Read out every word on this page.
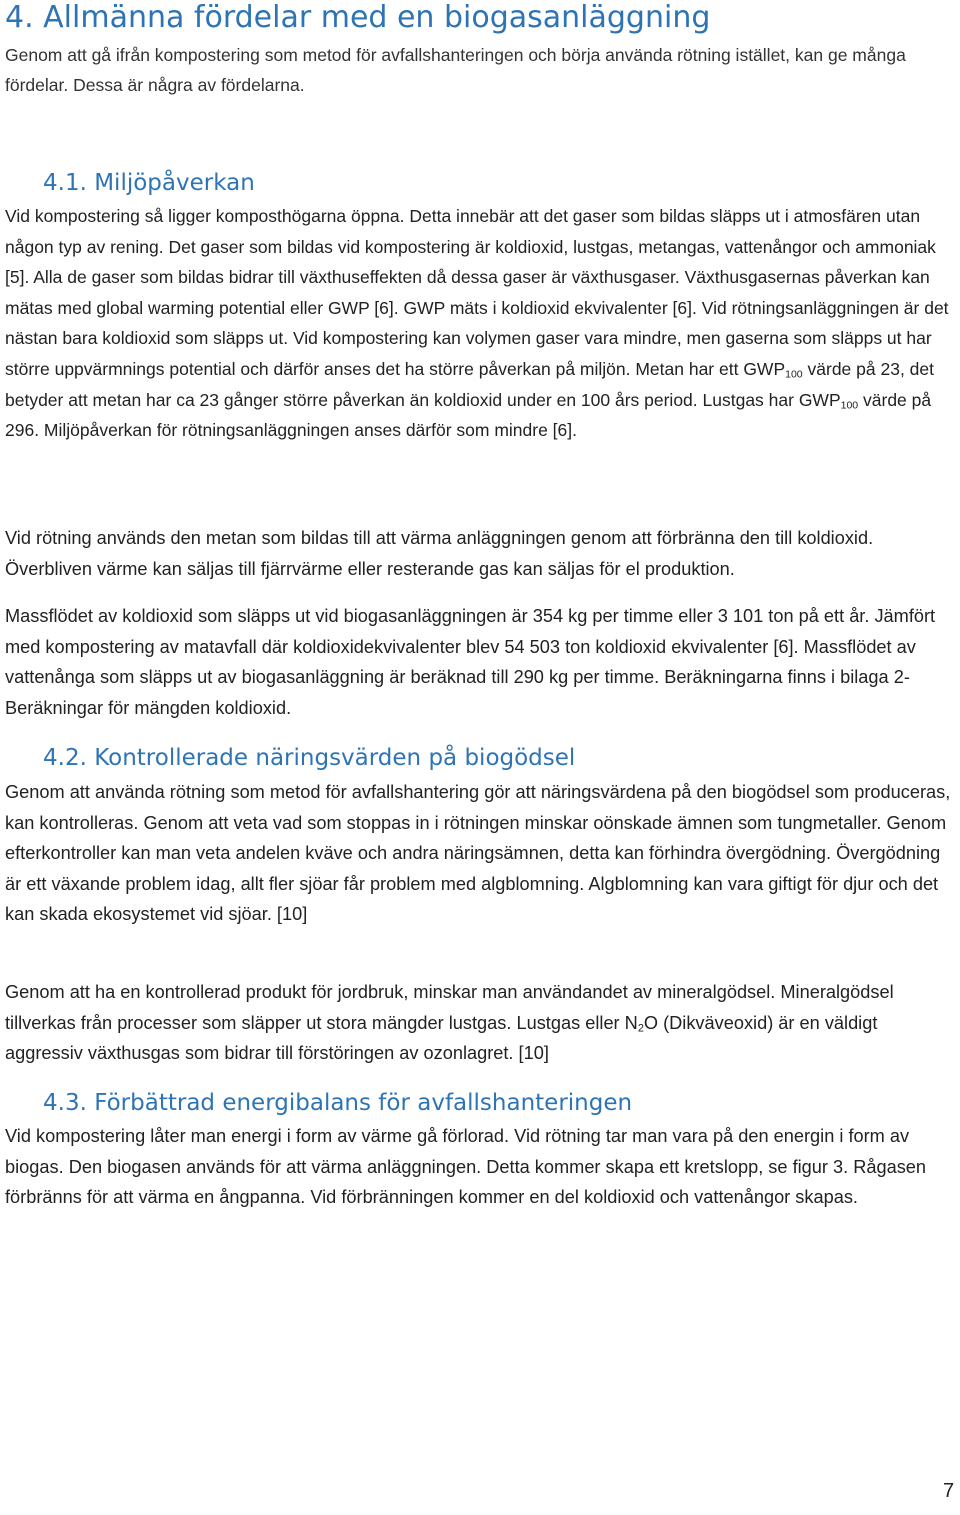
4. Allmänna fördelar med en biogasanläggning

Genom att gå ifrån kompostering som metod för avfallshanteringen och börja använda rötning istället, kan ge många fördelar. Dessa är några av fördelarna.

4.1. Miljöpåverkan

Vid kompostering så ligger komposthögarna öppna. Detta innebär att det gaser som bildas släpps ut i atmosfären utan någon typ av rening. Det gaser som bildas vid kompostering är koldioxid, lustgas, metangas, vattenångor och ammoniak [5]. Alla de gaser som bildas bidrar till växthuseffekten då dessa gaser är växthusgaser. Växthusgasernas påverkan kan mätas med global warming potential eller GWP [6]. GWP mäts i koldioxid ekvivalenter [6]. Vid rötningsanläggningen är det nästan bara koldioxid som släpps ut. Vid kompostering kan volymen gaser vara mindre, men gaserna som släpps ut har större uppvärmnings potential och därför anses det ha större påverkan på miljön. Metan har ett $GWP_{100}$ värde på 23, det betyder att metan har ca 23 gånger större påverkan än koldioxid under en 100 års period. Lustgas har $GWP_{100}$ värde på 296. Miljöpåverkan för rötningsanläggningen anses därför som mindre [6].

Vid rötning används den metan som bildas till att värma anläggningen genom att förbränna den till koldioxid. Överbliven värme kan säljas till fjärrvärme eller resterande gas kan säljas för el produktion.

Massflödet av koldioxid som släpps ut vid biogasanläggningen är 354 kg per timme eller 3 101 ton på ett år. Jämfört med kompostering av matavfall där koldioxidekvivalenter blev 54 503 ton koldioxid ekvivalenter [6]. Massflödet av vattenånga som släpps ut av biogasanläggning är beräknad till 290 kg per timme. Beräkningarna finns i bilaga 2- Beräkningar för mängden koldioxid.

4.2. Kontrollerade näringsvärden på biogödsel

Genom att använda rötning som metod för avfallshantering gör att näringsvärdena på den biogödsel som produceras, kan kontrolleras. Genom att veta vad som stoppas in i rötningen minskar oönskade ämnen som tungmetaller. Genom efterkontroller kan man veta andelen kväve och andra näringsämnen, detta kan förhindra övergödning. Övergödning är ett växande problem idag, allt fler sjöar får problem med algblomning. Algblomning kan vara giftigt för djur och det kan skada ekosystemet vid sjöar. [10]

Genom att ha en kontrollerad produkt för jordbruk, minskar man användandet av mineralgödsel. Mineralgödsel tillverkas från processer som släpper ut stora mängder lustgas. Lustgas eller $N_2O$ (Dikväveoxid) är en väldigt aggressiv växthusgas som bidrar till förstöringen av ozonlagret. [10]

4.3. Förbättrad energibalans för avfallshanteringen

Vid kompostering låter man energi i form av värme gå förlorad. Vid rötning tar man vara på den energin i form av biogas. Den biogasen används för att värma anläggningen. Detta kommer skapa ett kretslopp, se figur 3. Rågasen förbränns för att värma en ångpanna. Vid förbränningen kommer en del koldioxid och vattenångor skapas.

7
